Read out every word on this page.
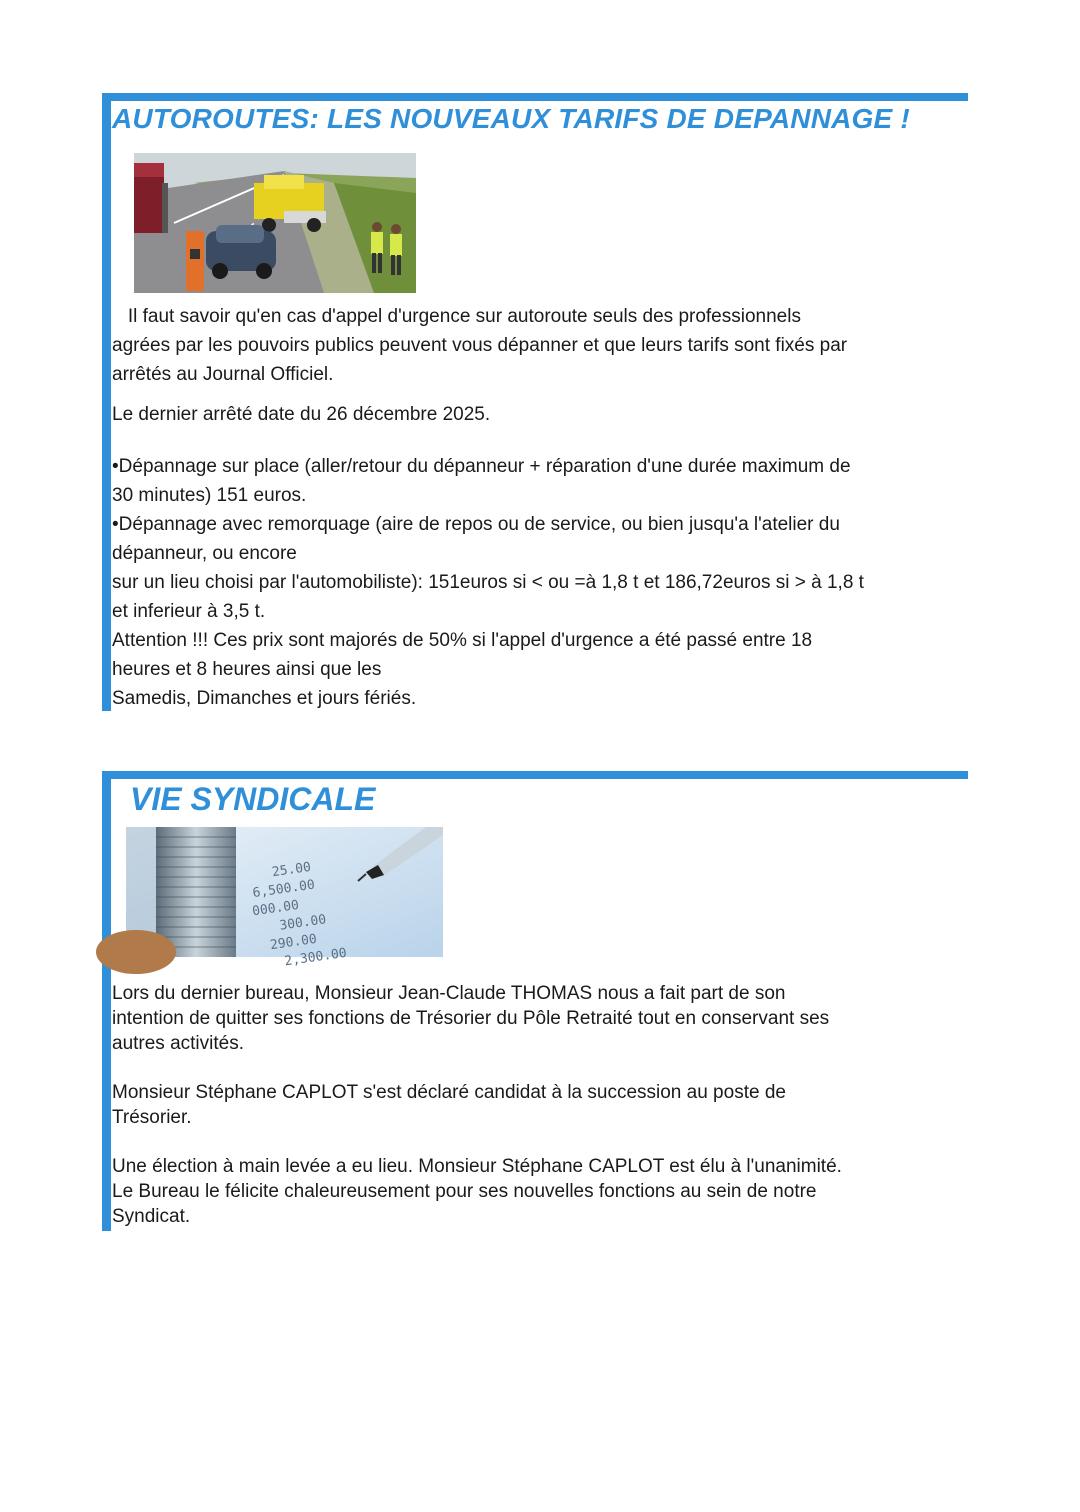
AUTOROUTES: LES NOUVEAUX TARIFS DE DEPANNAGE !
Il faut savoir qu'en cas d'appel d'urgence sur autoroute seuls des professionnels
agrées par les pouvoirs publics peuvent vous dépanner et que leurs tarifs sont fixés par
arrêtés au Journal Officiel.
Le dernier arrêté date du 26 décembre 2025.
•Dépannage sur place (aller/retour du dépanneur + réparation d'une durée maximum de
30 minutes) 151 euros.
•Dépannage avec remorquage (aire de repos ou de service, ou bien jusqu'a l'atelier du
dépanneur, ou encore
sur un lieu choisi par l'automobiliste): 151euros si < ou =à 1,8 t et 186,72euros si > à 1,8 t
et inferieur à 3,5 t.
Attention !!! Ces prix sont majorés de 50% si l'appel d'urgence a été passé entre 18
heures et 8 heures ainsi que les
Samedis, Dimanches et jours fériés.
VIE SYNDICALE
25.00
6,500.00
000.00
300.00
290.00
2,300.00
Lors du dernier bureau, Monsieur Jean-Claude THOMAS nous a fait part de son
intention de quitter ses fonctions de Trésorier du Pôle Retraité tout en conservant ses
autres activités.
Monsieur Stéphane CAPLOT s'est déclaré candidat à la succession au poste de
Trésorier.
Une élection à main levée a eu lieu. Monsieur Stéphane CAPLOT est élu à l'unanimité.
Le Bureau le félicite chaleureusement pour ses nouvelles fonctions au sein de notre
Syndicat.
